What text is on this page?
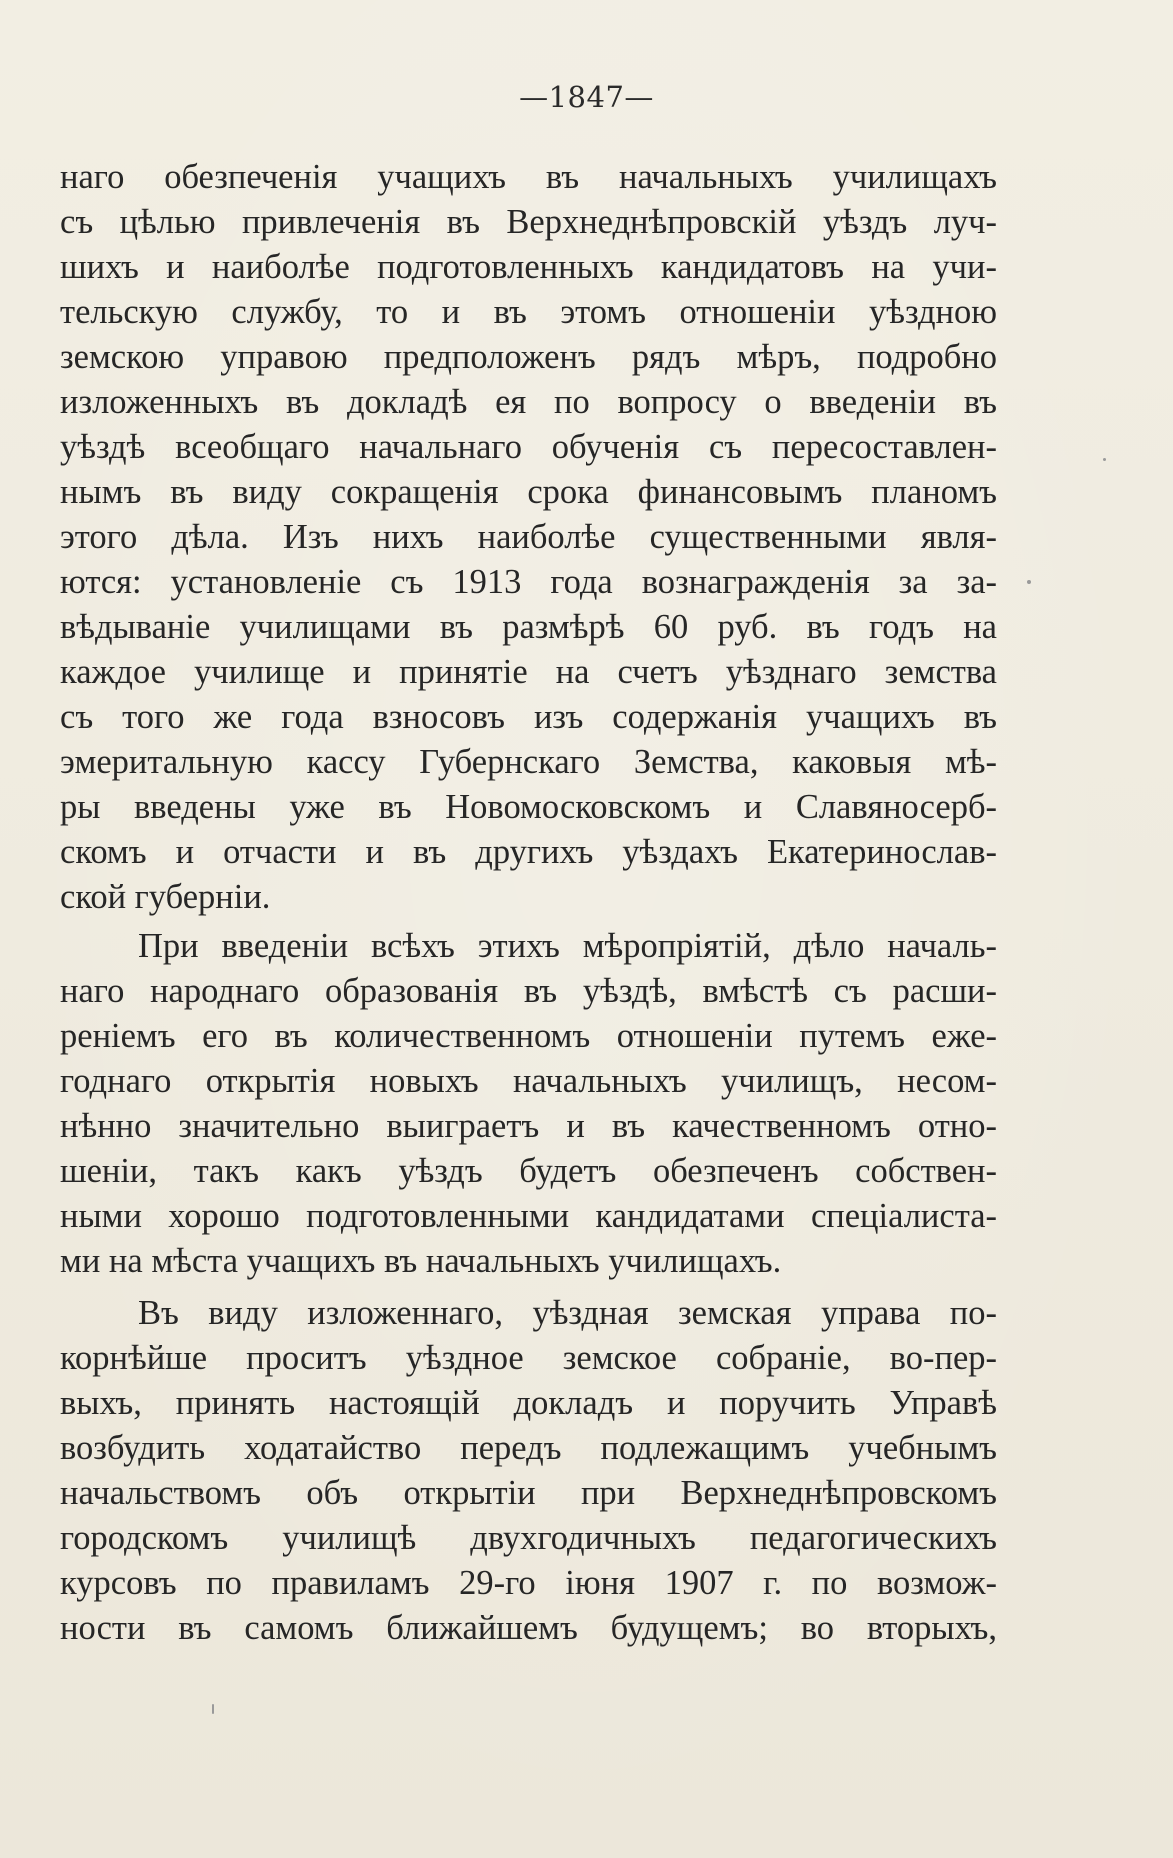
—1847—
наго обезпеченія учащихъ въ начальныхъ училищахъ
съ цѣлью привлеченія въ Верхнеднѣпровскій уѣздъ луч-
шихъ и наиболѣе подготовленныхъ кандидатовъ на учи-
тельскую службу, то и въ этомъ отношеніи уѣздною
земскою управою предположенъ рядъ мѣръ, подробно
изложенныхъ въ докладѣ ея по вопросу о введеніи въ
уѣздѣ всеобщаго начальнаго обученія съ пересоставлен-
нымъ въ виду сокращенія срока финансовымъ планомъ
этого дѣла. Изъ нихъ наиболѣе существенными явля-
ются: установленіе съ 1913 года вознагражденія за за-
вѣдываніе училищами въ размѣрѣ 60 руб. въ годъ на
каждое училище и принятіе на счетъ уѣзднаго земства
съ того же года взносовъ изъ содержанія учащихъ въ
эмеритальную кассу Губернскаго Земства, каковыя мѣ-
ры введены уже въ Новомосковскомъ и Славяносерб-
скомъ и отчасти и въ другихъ уѣздахъ Екатеринослав-
ской губерніи.
При введеніи всѣхъ этихъ мѣропріятій, дѣло началь-
наго народнаго образованія въ уѣздѣ, вмѣстѣ съ расши-
реніемъ его въ количественномъ отношеніи путемъ еже-
годнаго открытія новыхъ начальныхъ училищъ, несом-
нѣнно значительно выиграетъ и въ качественномъ отно-
шеніи, такъ какъ уѣздъ будетъ обезпеченъ собствен-
ными хорошо подготовленными кандидатами спеціалиста-
ми на мѣста учащихъ въ начальныхъ училищахъ.
Въ виду изложеннаго, уѣздная земская управа по-
корнѣйше проситъ уѣздное земское собраніе, во-пер-
выхъ, принять настоящій докладъ и поручить Управѣ
возбудить ходатайство передъ подлежащимъ учебнымъ
начальствомъ объ открытіи при Верхнеднѣпровскомъ
городскомъ училищѣ двухгодичныхъ педагогическихъ
курсовъ по правиламъ 29-го іюня 1907 г. по возмож-
ности въ самомъ ближайшемъ будущемъ; во вторыхъ,
